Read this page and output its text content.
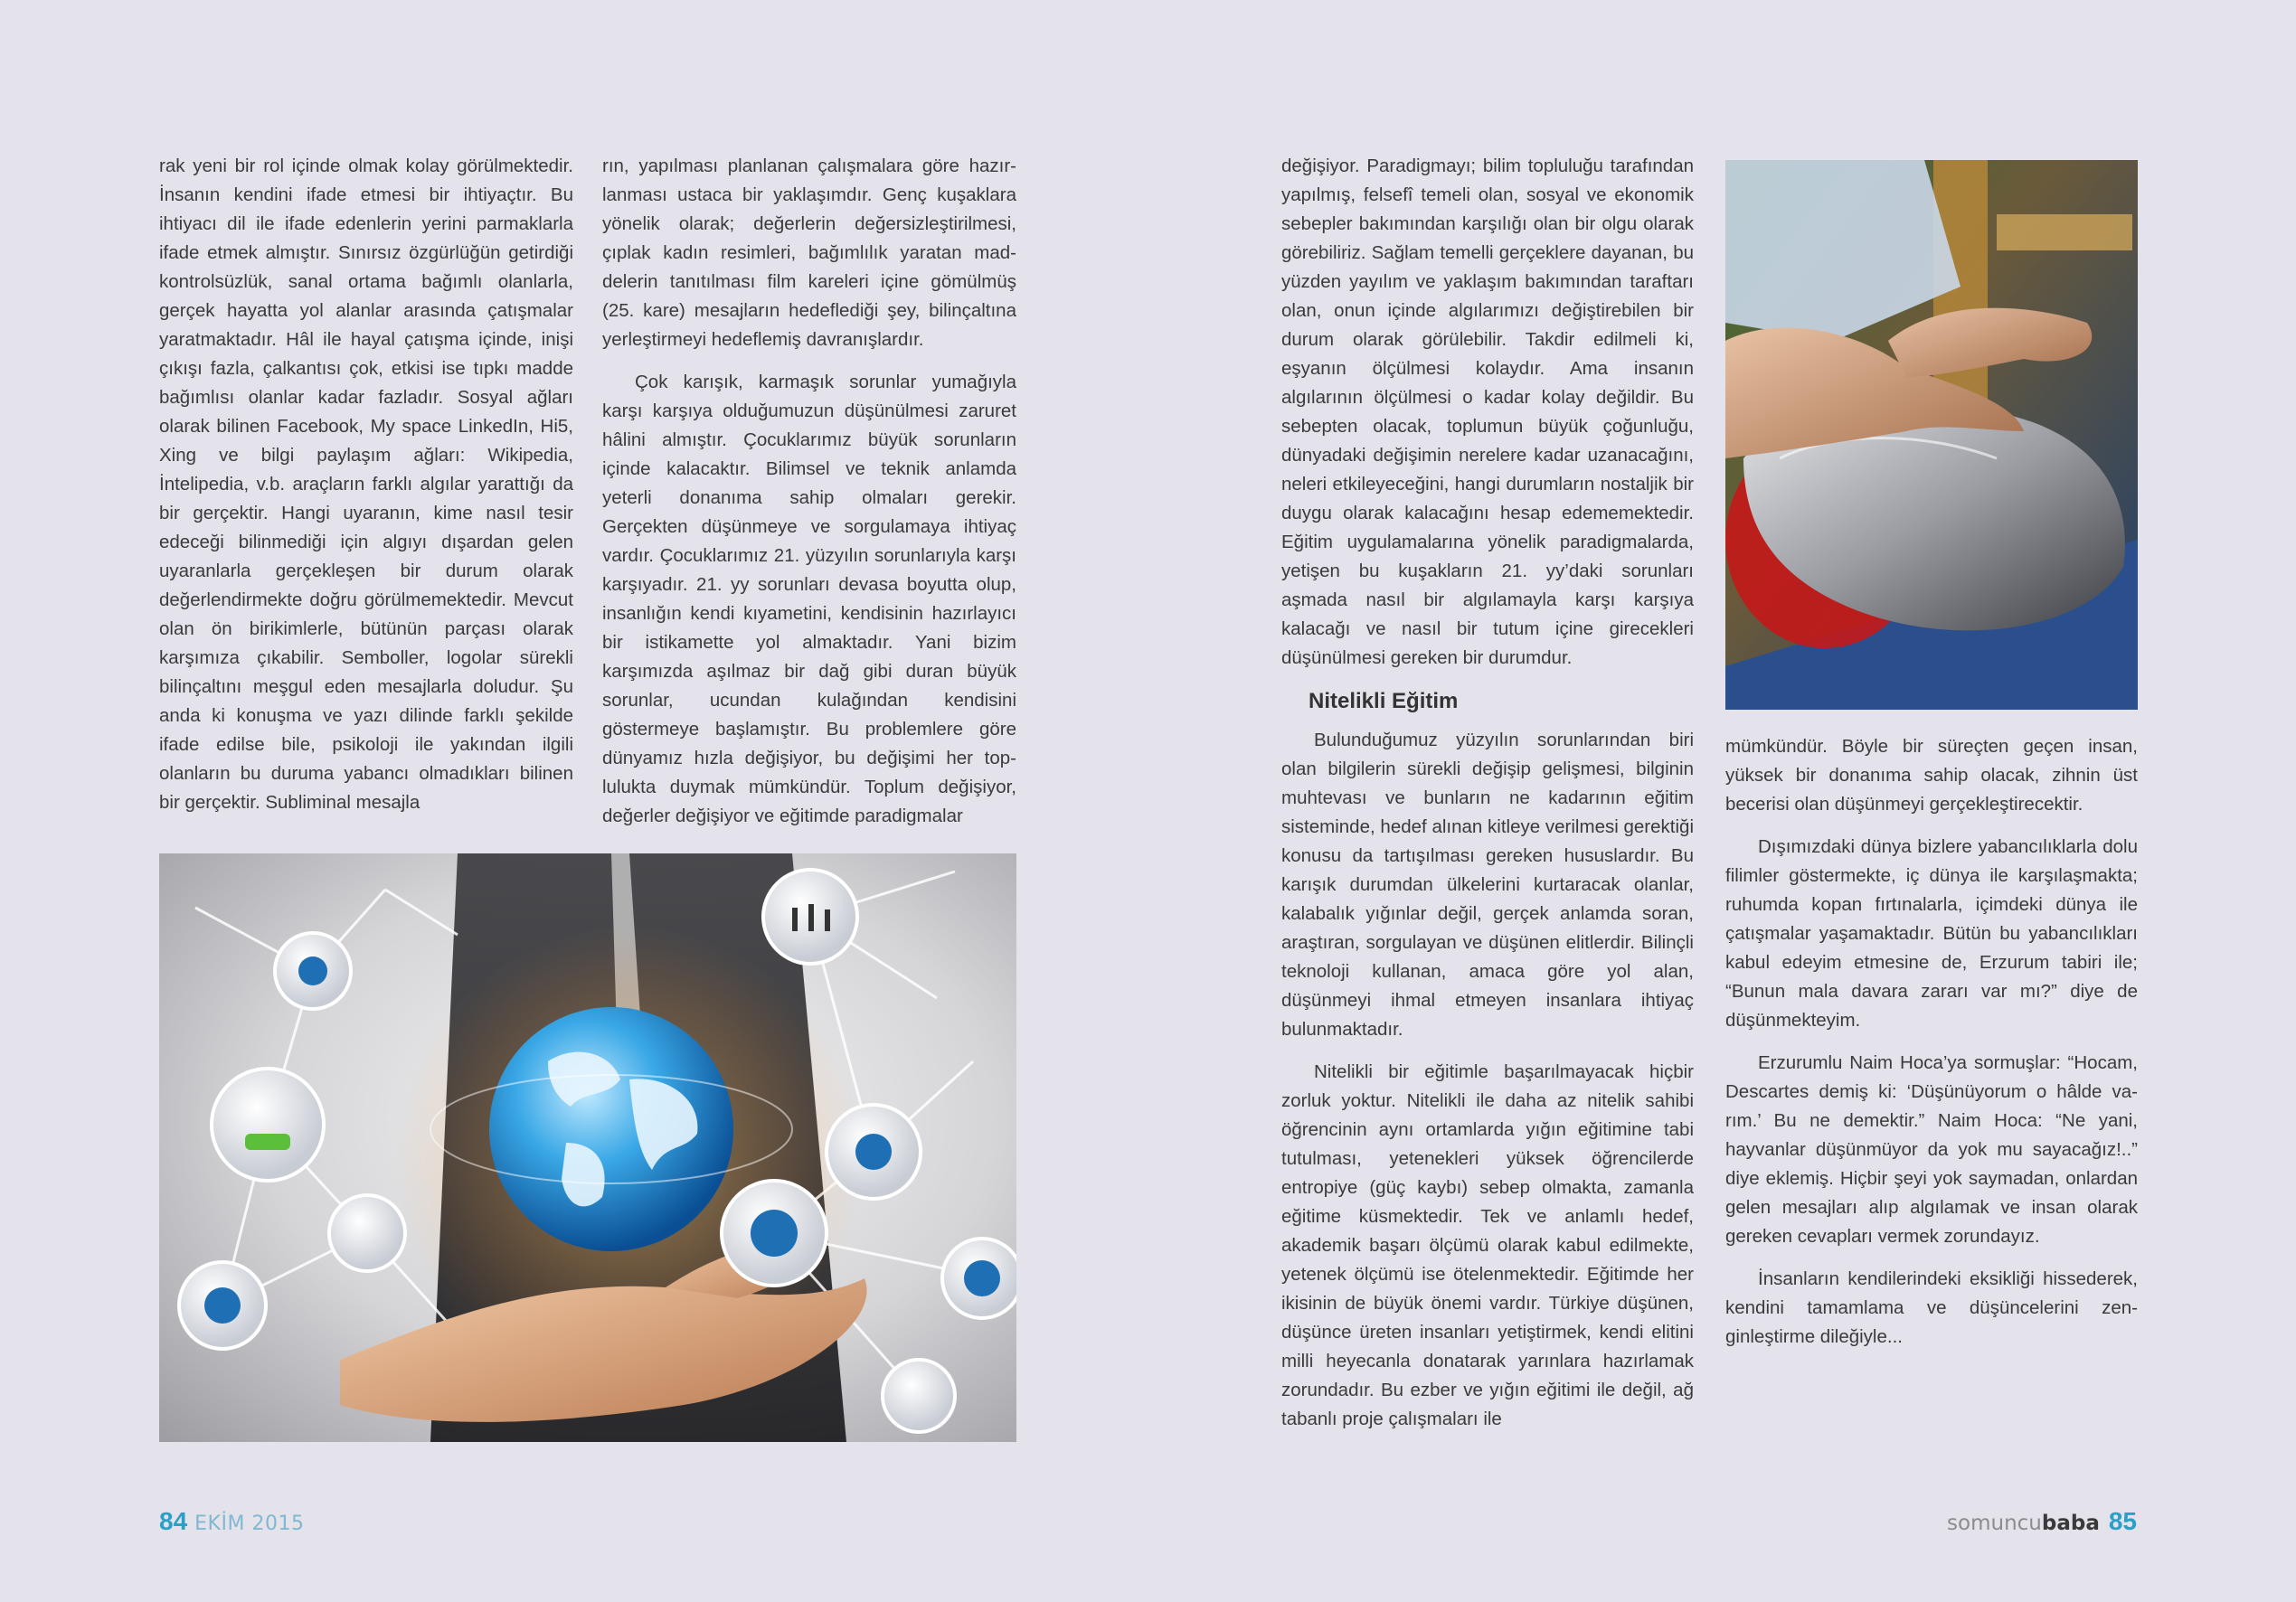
rak yeni bir rol içinde olmak kolay görülmektedir. İnsanın kendini ifade etmesi bir ihtiyaçtır. Bu ihtiyacı dil ile ifade edenlerin yerini parmaklarla ifade etmek almıştır. Sınırsız özgürlüğün getirdiği kontrolsüzlük, sanal ortama bağımlı olanlarla, gerçek hayatta yol alanlar arasında çatışmalar yaratmaktadır. Hâl ile hayal çatışma içinde, inişi çıkışı fazla, çalkantısı çok, etkisi ise tıpkı madde bağımlısı olanlar kadar fazladır. Sosyal ağları olarak bilinen Facebook, My space LinkedIn, Hi5, Xing ve bilgi paylaşım ağları: Wikipedia, İntelipedia, v.b. araçların farklı algılar yarattığı da bir gerçektir. Hangi uyaranın, kime nasıl tesir edeceği bilinmediği için algıyı dışardan gelen uyaranlarla gerçekleşen bir durum olarak değerlendirmekte doğru görülmemektedir. Mevcut olan ön birikimlerle, bütünün parçası olarak karşımıza çıkabilir. Semboller, logolar sürekli bilinçaltını meşgul eden mesajlarla doludur. Şu anda ki konuşma ve yazı dilinde farklı şekilde ifade edilse bile, psikoloji ile yakından ilgili olanların bu duruma yabancı olmadıkları bilinen bir gerçektir. Subliminal mesajla

rın, yapılması planlanan çalışmalara göre hazırlanması ustaca bir yaklaşımdır. Genç kuşaklara yönelik olarak; değerlerin değersizleştirilmesi, çıplak kadın resimleri, bağımlılık yaratan maddelerin tanıtılması film kareleri içine gömülmüş (25. kare) mesajların hedeflediği şey, bilinçaltına yerleştirmeyi hedeflemiş davranışlardır.

Çok karışık, karmaşık sorunlar yumağıyla karşı karşıya olduğumuzun düşünülmesi zaruret hâlini almıştır. Çocuklarımız büyük sorunların içinde kalacaktır. Bilimsel ve teknik anlamda yeterli donanıma sahip olmaları gerekir. Gerçekten düşünmeye ve sorgulamaya ihtiyaç vardır. Çocuklarımız 21. yüzyılın sorunlarıyla karşı karşıyadır. 21. yy sorunları devasa boyutta olup, insanlığın kendi kıyametini, kendisinin hazırlayıcı bir istikamette yol almaktadır. Yani bizim karşımızda aşılmaz bir dağ gibi duran büyük sorunlar, ucundan kulağından kendisini göstermeye başlamıştır. Bu problemlere göre dünyamız hızla değişiyor, bu değişimi her toplulukta duymak mümkündür. Toplum değişiyor, değerler değişiyor ve eğitimde paradigmalar

değişiyor. Paradigmayı; bilim topluluğu tarafından yapılmış, felsefî temeli olan, sosyal ve ekonomik sebepler bakımından karşılığı olan bir olgu olarak görebiliriz. Sağlam temelli gerçeklere dayanan, bu yüzden yayılım ve yaklaşım bakımından taraftarı olan, onun içinde algılarımızı değiştirebilen bir durum olarak görülebilir. Takdir edilmeli ki, eşyanın ölçülmesi kolaydır. Ama insanın algılarının ölçülmesi o kadar kolay değildir. Bu sebepten olacak, toplumun büyük çoğunluğu, dünyadaki değişimin nerelere kadar uzanacağını, neleri etkileyeceğini, hangi durumların nostaljik bir duygu olarak kalacağını hesap edememektedir. Eğitim uygulamalarına yönelik paradigmalarda, yetişen bu kuşakların 21. yy’daki sorunları aşmada nasıl bir algılamayla karşı karşıya kalacağı ve nasıl bir tutum içine girecekleri düşünülmesi gereken bir durumdur.

Nitelikli Eğitim

Bulunduğumuz yüzyılın sorunlarından biri olan bilgilerin sürekli değişip gelişmesi, bilginin muhtevası ve bunların ne kadarının eğitim sisteminde, hedef alınan kitleye verilmesi gerektiği konusu da tartışılması gereken hususlardır. Bu karışık durumdan ülkelerini kurtaracak olanlar, kalabalık yığınlar değil, gerçek anlamda soran, araştıran, sorgulayan ve düşünen elitlerdir. Bilinçli teknoloji kullanan, amaca göre yol alan, düşünmeyi ihmal etmeyen insanlara ihtiyaç bulunmaktadır.

Nitelikli bir eğitimle başarılmayacak hiçbir zorluk yoktur. Nitelikli ile daha az nitelik sahibi öğrencinin aynı ortamlarda yığın eğitimine tabi tutulması, yetenekleri yüksek öğrencilerde entropiye (güç kaybı) sebep olmakta, zamanla eğitime küsmektedir. Tek ve anlamlı hedef, akademik başarı ölçümü olarak kabul edilmekte, yetenek ölçümü ise ötelenmektedir. Eğitimde her ikisinin de büyük önemi vardır. Türkiye düşünen, düşünce üreten insanları yetiştirmek, kendi elitini milli heyecanla donatarak yarınlara hazırlamak zorundadır. Bu ezber ve yığın eğitimi ile değil, ağ tabanlı proje çalışmaları ile

mümkündür. Böyle bir süreçten geçen insan, yüksek bir donanıma sahip olacak, zihnin üst becerisi olan düşünmeyi gerçekleştirecektir.

Dışımızdaki dünya bizlere yabancılıklarla dolu filimler göstermekte, iç dünya ile karşılaşmakta; ruhumda kopan fırtınalarla, içimdeki dünya ile çatışmalar yaşamaktadır. Bütün bu yabancılıkları kabul edeyim etmesine de, Erzurum tabiri ile; “Bunun mala davara zararı var mı?” diye de düşünmekteyim.

Erzurumlu Naim Hoca’ya sormuşlar: “Hocam, Descartes demiş ki: ‘Düşünüyorum o hâlde varım.’ Bu ne demektir.” Naim Hoca: “Ne yani, hayvanlar düşünmüyor da yok mu sayacağız!..” diye eklemiş. Hiçbir şeyi yok saymadan, onlardan gelen mesajları alıp algılamak ve insan olarak gereken cevapları vermek zorundayız.

İnsanların kendilerindeki eksikliği hissederek, kendini tamamlama ve düşüncelerini zenginleştirme dileğiyle...

84 EKİM 2015	somuncubaba 85
